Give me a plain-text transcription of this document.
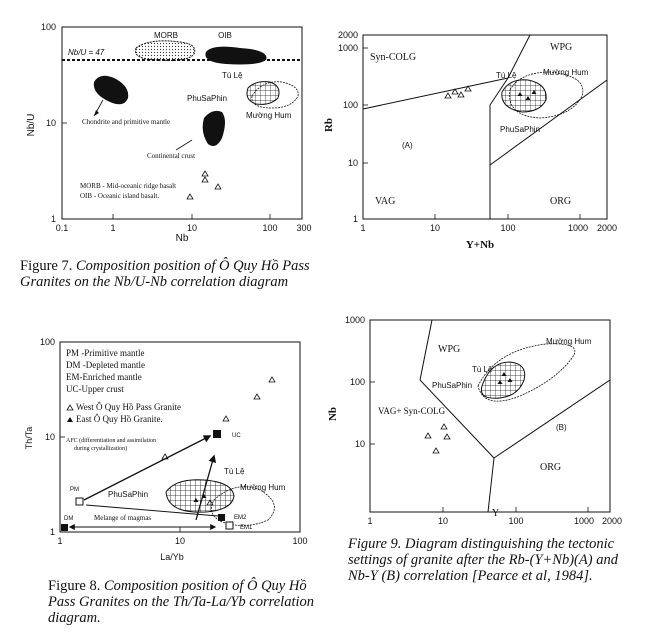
0.1	1	10	100 300
1
10
100
Nb
Nb/U
Nb/U = 47
MORB	OIB
Chondrite and primitive mantle
Continental crust
Tú Lệ
PhuSaPhin
Mường Hum
MORB - Mid-oceanic ridge basalt
OIB - Oceanic island basalt.
Figure 7. Composition position of Ô Quy Hồ Pass Granites on the Nb/U-Nb correlation diagram
1	10	100	1000 2000
1
10
100
1000
2000
Y+Nb
Rb
Syn-COLG
WPG
VAG	ORG
(A)
Tú Lệ	Mường Hum
PhuSaPhin
1	10	100
1
10
100
La/Yb
Th/Ta
PM -Primitive mantle
DM -Depleted mantle
EM-Enriched mantle
UC-Upper crust
West Ô Quy Hồ Pass Granite
East Ô Quy Hồ Granite.
AFC (differentiation and assimilation
during crystallization)
Tú Lệ
PhuSaPhin
Mường Hum
PM
DM
UC
EM2
EM1
Melange of magmas
Figure 8. Composition position of Ô Quy Hồ Pass Granites on the Th/Ta-La/Yb correlation diagram.
1	10	100	1000 2000
10
100
1000
Y
Nb
WPG
VAG+ Syn-COLG
ORG
(B)
Mường Hum
Tú Lệ
PhuSaPhin
Figure 9. Diagram distinguishing the tectonic settings of granite after the Rb-(Y+Nb)(A) and Nb-Y (B) correlation [Pearce et al, 1984].
